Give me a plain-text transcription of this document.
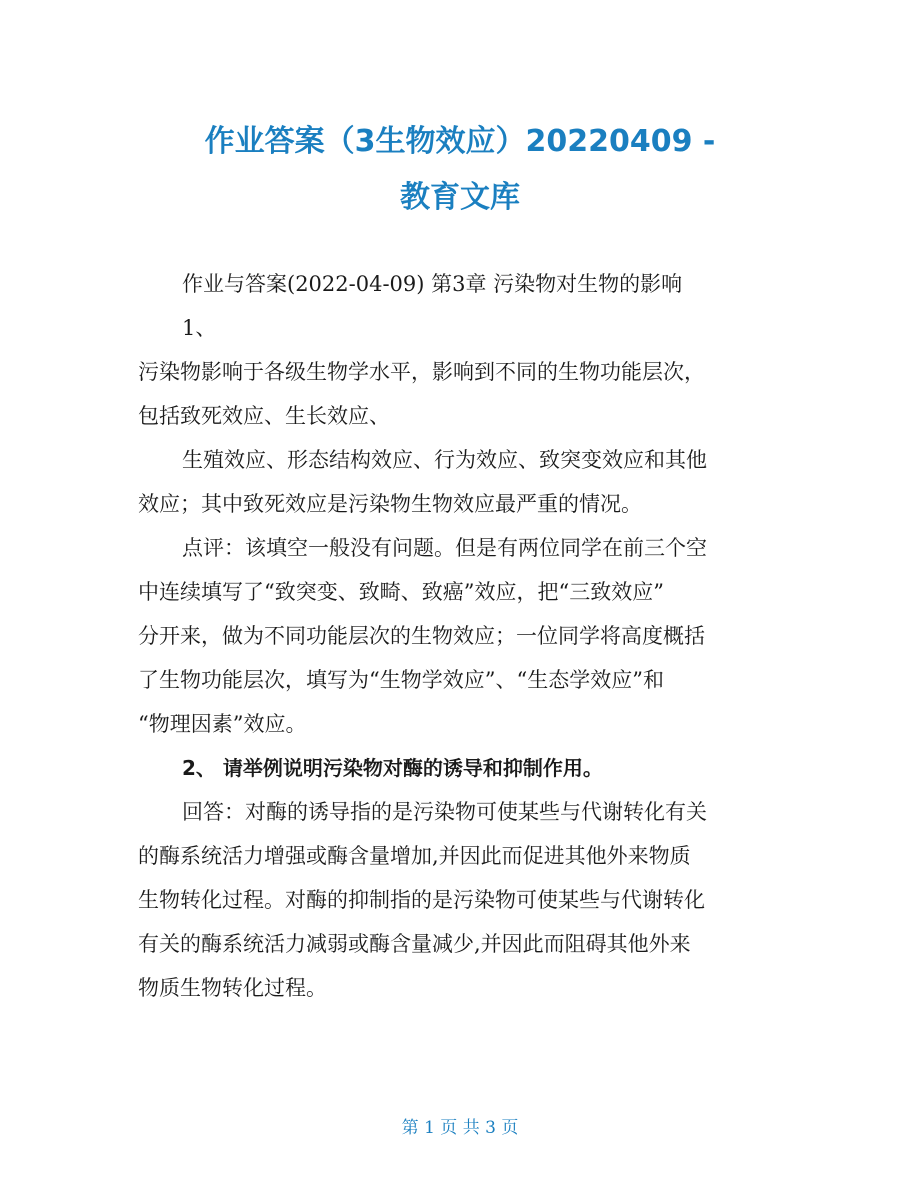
作业答案（3生物效应）20220409 -
教育文库

作业与答案(2022-04-09) 第3章 污染物对生物的影响

1、

污染物影响于各级生物学水平，影响到不同的生物功能层次，

包括致死效应、生长效应、

生殖效应、形态结构效应、行为效应、致突变效应和其他

效应；其中致死效应是污染物生物效应最严重的情况。

点评：该填空一般没有问题。但是有两位同学在前三个空

中连续填写了“致突变、致畸、致癌”效应，把“三致效应”

分开来，做为不同功能层次的生物效应；一位同学将高度概括

了生物功能层次，填写为“生物学效应”、“生态学效应”和

“物理因素”效应。

2、 请举例说明污染物对酶的诱导和抑制作用。

回答：对酶的诱导指的是污染物可使某些与代谢转化有关

的酶系统活力增强或酶含量增加,并因此而促进其他外来物质

生物转化过程。对酶的抑制指的是污染物可使某些与代谢转化

有关的酶系统活力减弱或酶含量减少,并因此而阻碍其他外来

物质生物转化过程。

第 1 页 共 3 页
